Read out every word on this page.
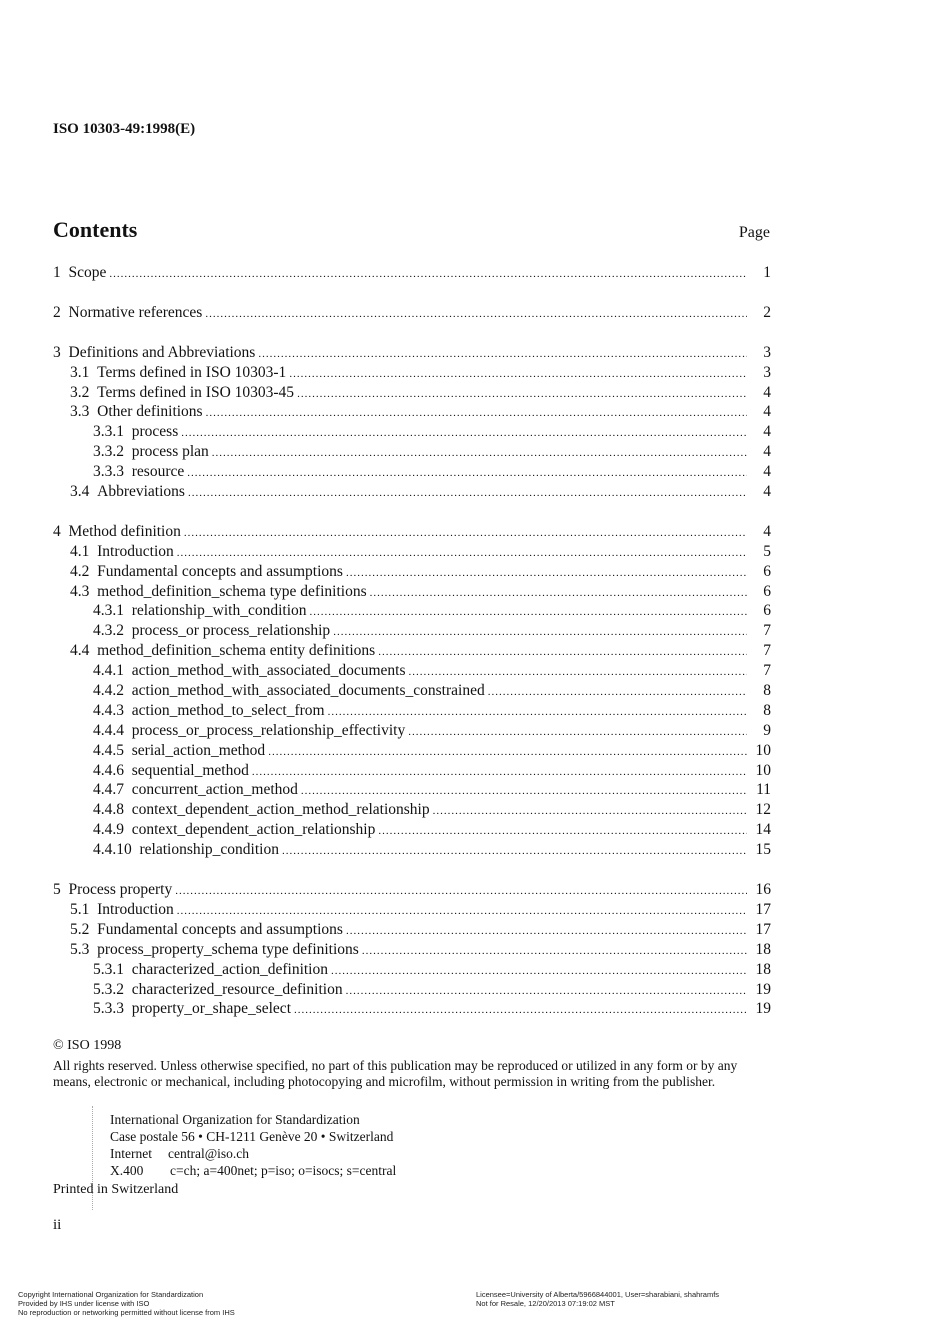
ISO 10303-49:1998(E)
Contents	Page
1 Scope .....	1
2 Normative references .....	2
3 Definitions and Abbreviations .....	3
3.1 Terms defined in ISO 10303-1 .....	3
3.2 Terms defined in ISO 10303-45 .....	4
3.3 Other definitions .....	4
3.3.1 process .....	4
3.3.2 process plan .....	4
3.3.3 resource .....	4
3.4 Abbreviations .....	4
4 Method definition .....	4
4.1 Introduction .....	5
4.2 Fundamental concepts and assumptions .....	6
4.3 method_definition_schema type definitions .....	6
4.3.1 relationship_with_condition .....	6
4.3.2 process_or process_relationship .....	7
4.4 method_definition_schema entity definitions .....	7
4.4.1 action_method_with_associated_documents .....	7
4.4.2 action_method_with_associated_documents_constrained .....	8
4.4.3 action_method_to_select_from .....	8
4.4.4 process_or_process_relationship_effectivity .....	9
4.4.5 serial_action_method .....	10
4.4.6 sequential_method .....	10
4.4.7 concurrent_action_method .....	11
4.4.8 context_dependent_action_method_relationship .....	12
4.4.9 context_dependent_action_relationship .....	14
4.4.10 relationship_condition .....	15
5 Process property .....	16
5.1 Introduction .....	17
5.2 Fundamental concepts and assumptions .....	17
5.3 process_property_schema type definitions .....	18
5.3.1 characterized_action_definition .....	18
5.3.2 characterized_resource_definition .....	19
5.3.3 property_or_shape_select .....	19
© ISO 1998
All rights reserved. Unless otherwise specified, no part of this publication may be reproduced or utilized in any form or by any means, electronic or mechanical, including photocopying and microfilm, without permission in writing from the publisher.
International Organization for Standardization
Case postale 56 • CH-1211 Genève 20 • Switzerland
Internet central@iso.ch
X.400 c=ch; a=400net; p=iso; o=isocs; s=central
Printed in Switzerland
ii
Copyright International Organization for Standardization
Provided by IHS under license with ISO
No reproduction or networking permitted without license from IHS
Licensee=University of Alberta/5966844001, User=sharabiani, shahramfs
Not for Resale, 12/20/2013 07:19:02 MST
